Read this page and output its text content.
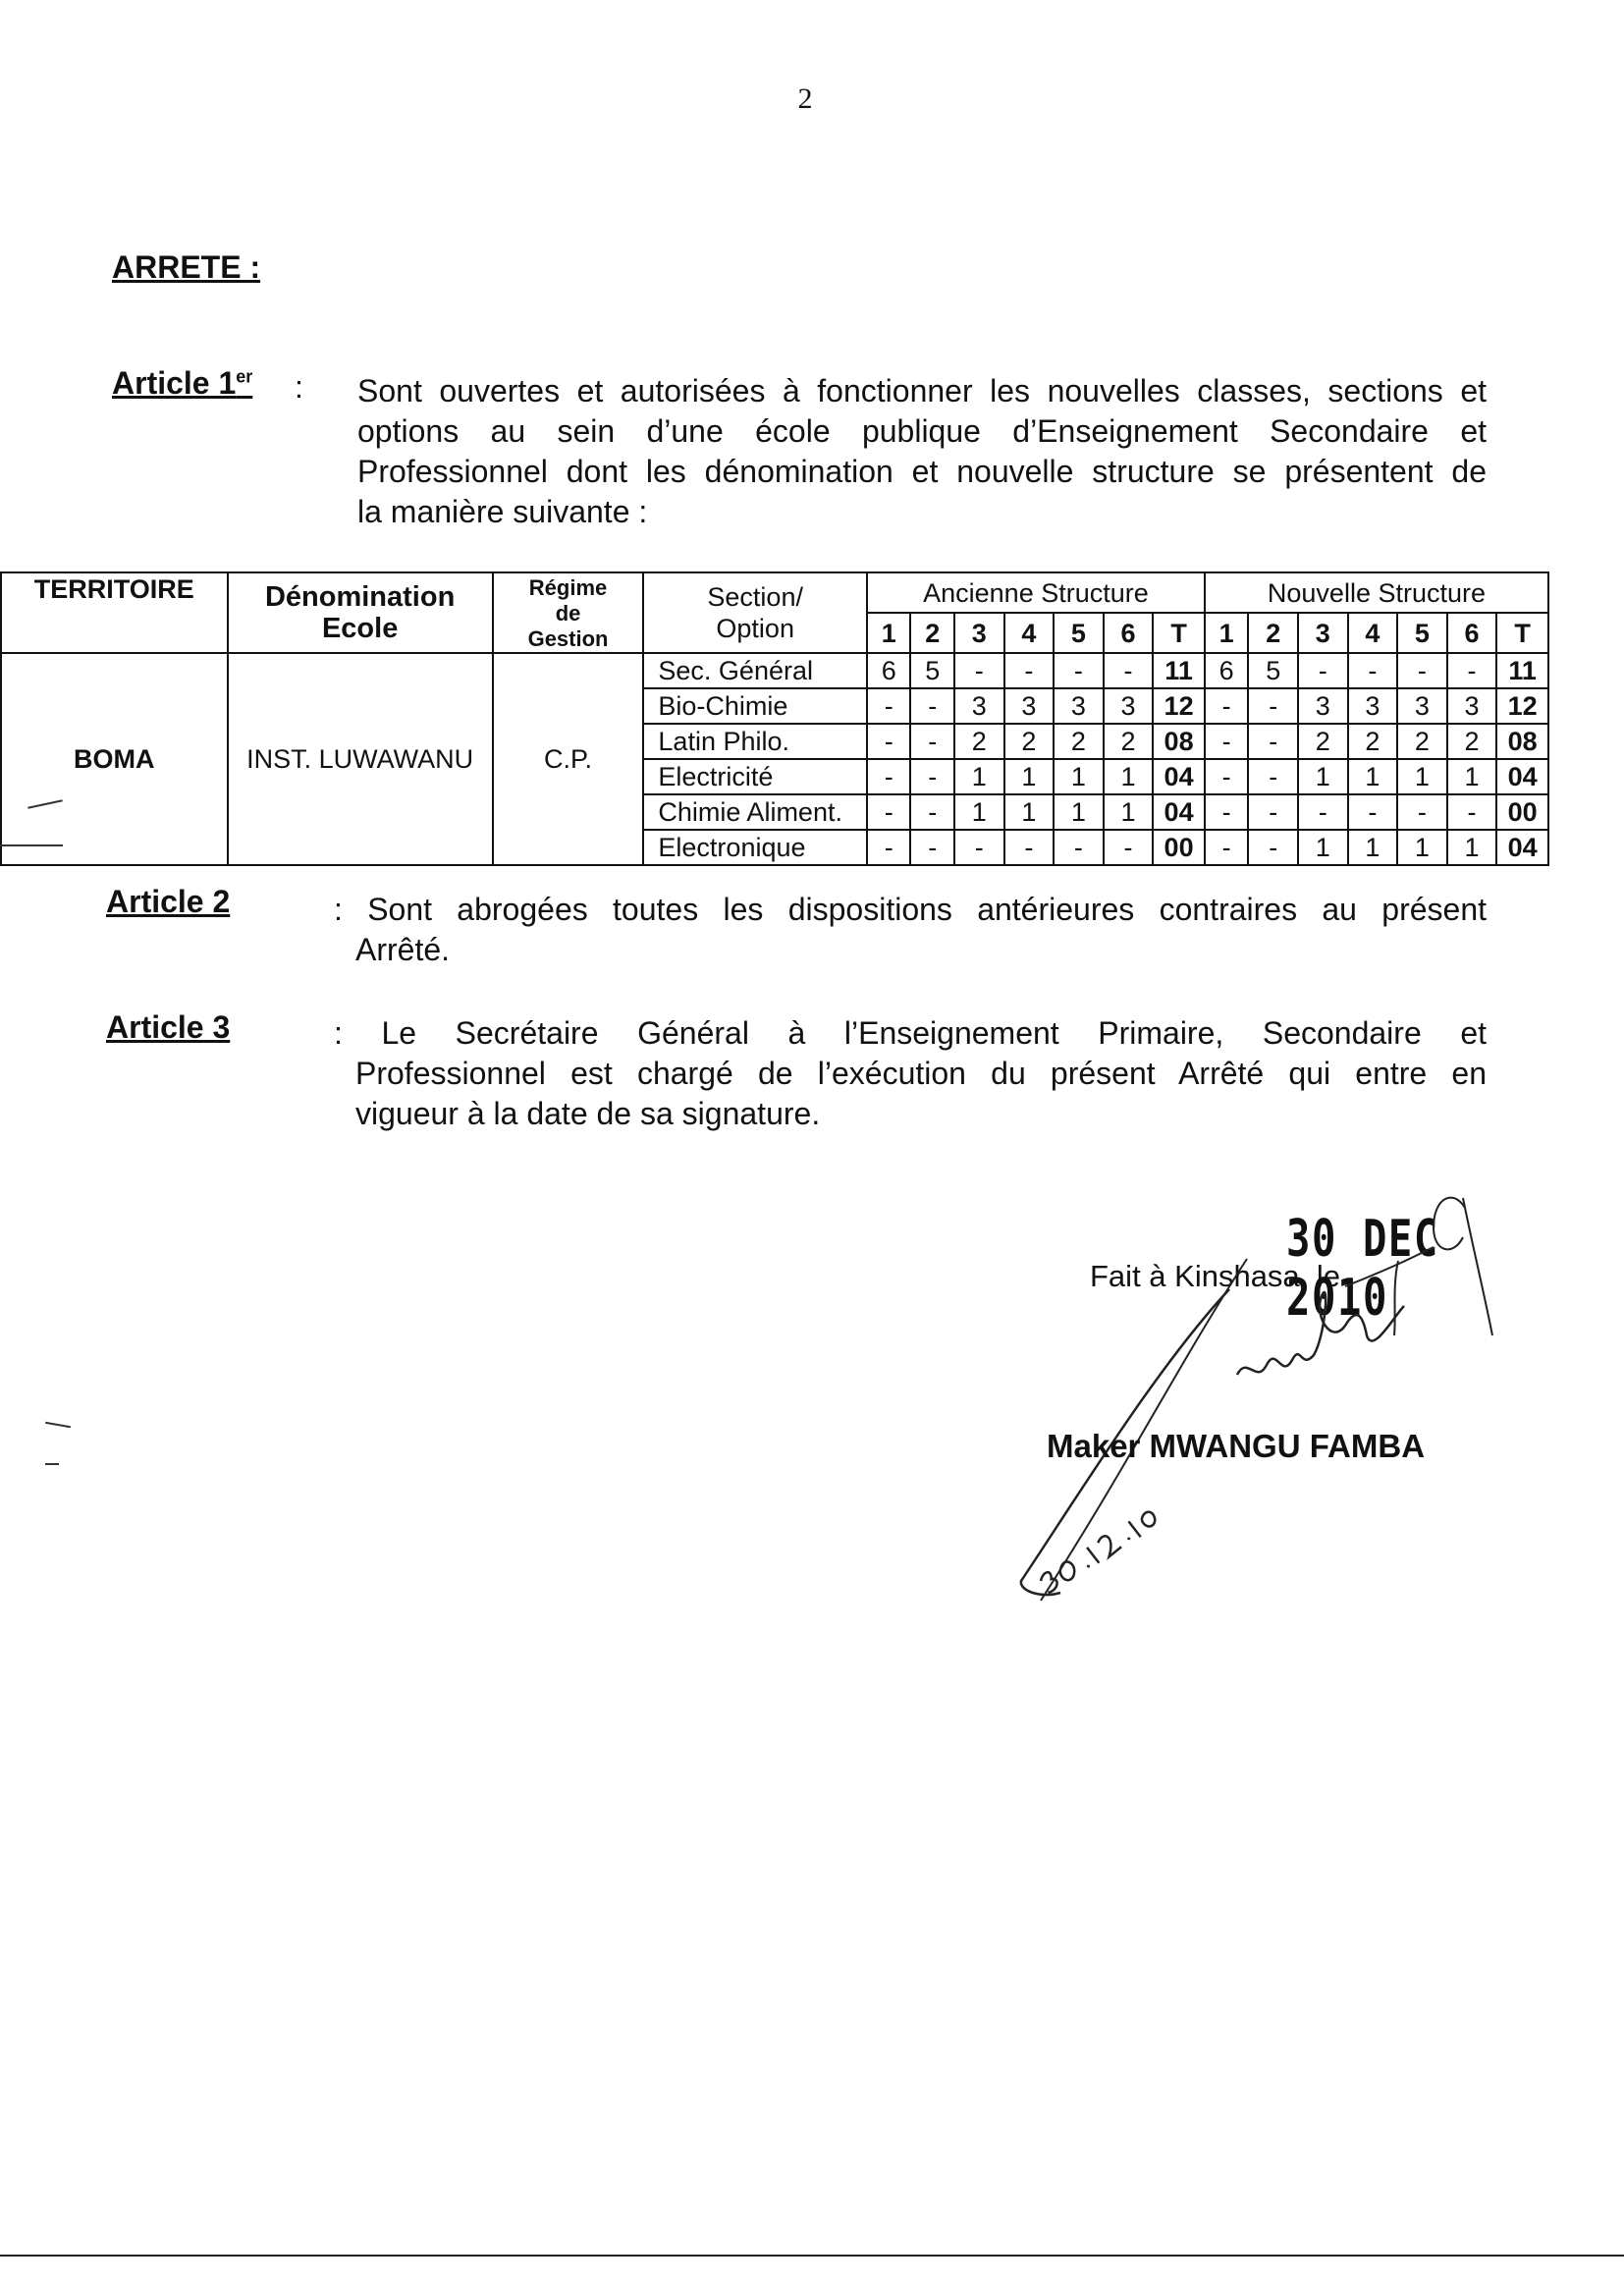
2
ARRETE :
Article 1er : Sont ouvertes et autorisées à fonctionner les nouvelles classes, sections et
options au sein d’une école publique d’Enseignement Secondaire et
Professionnel dont les dénomination et nouvelle structure se présentent de
la manière suivante :
TERRITOIRE	Dénomination Ecole	Régime de Gestion	Section/ Option	Ancienne Structure							Nouvelle Structure						
				1	2	3	4	5	6	T	1	2	3	4	5	6	T
BOMA	INST. LUWAWANU	C.P.	Sec. Général	6	5	-	-	-	-	11	6	5	-	-	-	-	11
			Bio-Chimie	-	-	3	3	3	3	12	-	-	3	3	3	3	12
			Latin Philo.	-	-	2	2	2	2	08	-	-	2	2	2	2	08
			Electricité	-	-	1	1	1	1	04	-	-	1	1	1	1	04
			Chimie Aliment.	-	-	1	1	1	1	04	-	-	-	-	-	-	00
			Electronique	-	-	-	-	-	-	00	-	-	1	1	1	1	04
Article 2	: Sont abrogées toutes les dispositions antérieures contraires au présent
Arrêté.
Article 3	: Le Secrétaire Général à l’Enseignement Primaire, Secondaire et
Professionnel est chargé de l’exécution du présent Arrêté qui entre en
vigueur à la date de sa signature.
30 DEC 2010
Fait à Kinshasa, le
Maker MWANGU FAMBA
